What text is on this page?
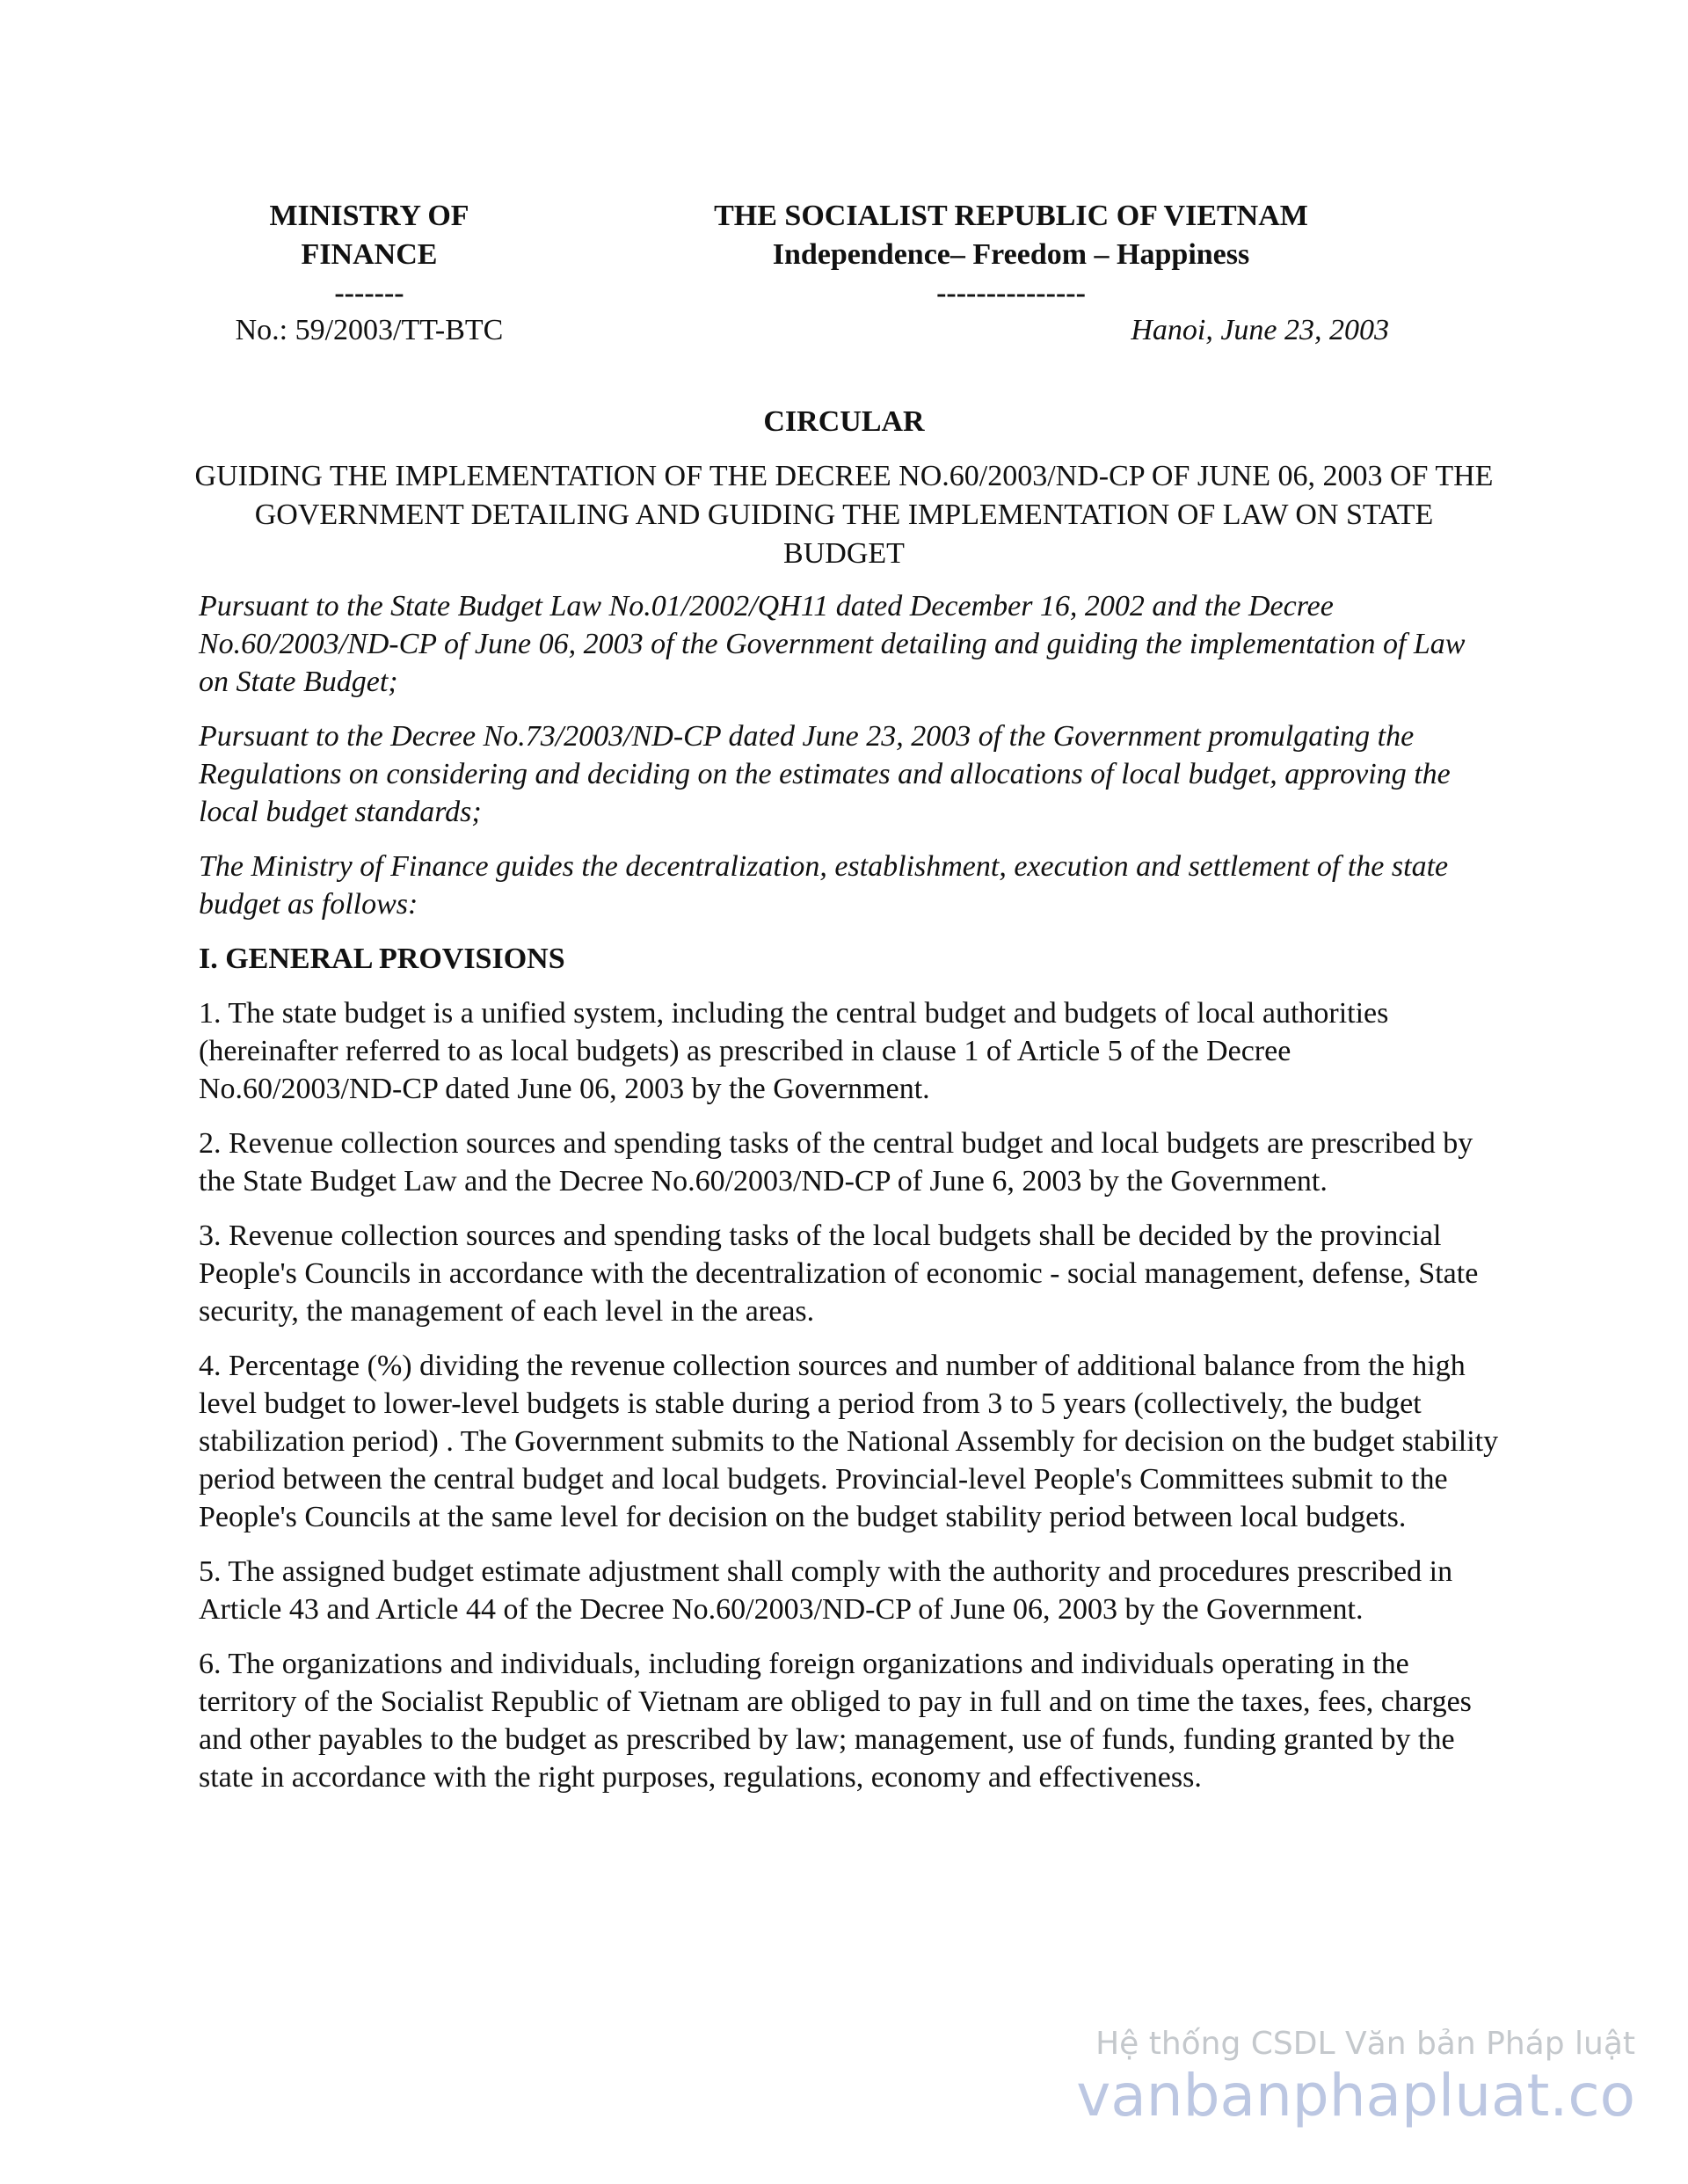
MINISTRY OF FINANCE
-------
THE SOCIALIST REPUBLIC OF VIETNAM
Independence– Freedom – Happiness
---------------
No.: 59/2003/TT-BTC	Hanoi, June 23, 2003
CIRCULAR
GUIDING THE IMPLEMENTATION OF THE DECREE NO.60/2003/ND-CP OF JUNE 06, 2003 OF THE GOVERNMENT DETAILING AND GUIDING THE IMPLEMENTATION OF LAW ON STATE BUDGET

Pursuant to the State Budget Law No.01/2002/QH11 dated December 16, 2002 and the Decree No.60/2003/ND-CP of June 06, 2003 of the Government detailing and guiding the implementation of Law on State Budget;

Pursuant to the Decree No.73/2003/ND-CP dated June 23, 2003 of the Government promulgating the Regulations on considering and deciding on the estimates and allocations of local budget, approving the local budget standards;

The Ministry of Finance guides the decentralization, establishment, execution and settlement of the state budget as follows:

I. GENERAL PROVISIONS

1. The state budget is a unified system, including the central budget and budgets of local authorities (hereinafter referred to as local budgets) as prescribed in clause 1 of Article 5 of the Decree No.60/2003/ND-CP dated June 06, 2003 by the Government.

2. Revenue collection sources and spending tasks of the central budget and local budgets are prescribed by the State Budget Law and the Decree No.60/2003/ND-CP of June 6, 2003 by the Government.

3. Revenue collection sources and spending tasks of the local budgets shall be decided by the provincial People's Councils in accordance with the decentralization of economic - social management, defense, State security, the management of each level in the areas.

4. Percentage (%) dividing the revenue collection sources and number of additional balance from the high level budget to lower-level budgets is stable during a period from 3 to 5 years (collectively, the budget stabilization period) . The Government submits to the National Assembly for decision on the budget stability period between the central budget and local budgets. Provincial-level People's Committees submit to the People's Councils at the same level for decision on the budget stability period between local budgets.

5. The assigned budget estimate adjustment shall comply with the authority and procedures prescribed in Article 43 and Article 44 of the Decree No.60/2003/ND-CP of June 06, 2003 by the Government.

6. The organizations and individuals, including foreign organizations and individuals operating in the territory of the Socialist Republic of Vietnam are obliged to pay in full and on time the taxes, fees, charges and other payables to the budget as prescribed by law; management, use of funds, funding granted by the state in accordance with the right purposes, regulations, economy and effectiveness.

Hệ thống CSDL Văn bản Pháp luật
vanbanphapluat.co
